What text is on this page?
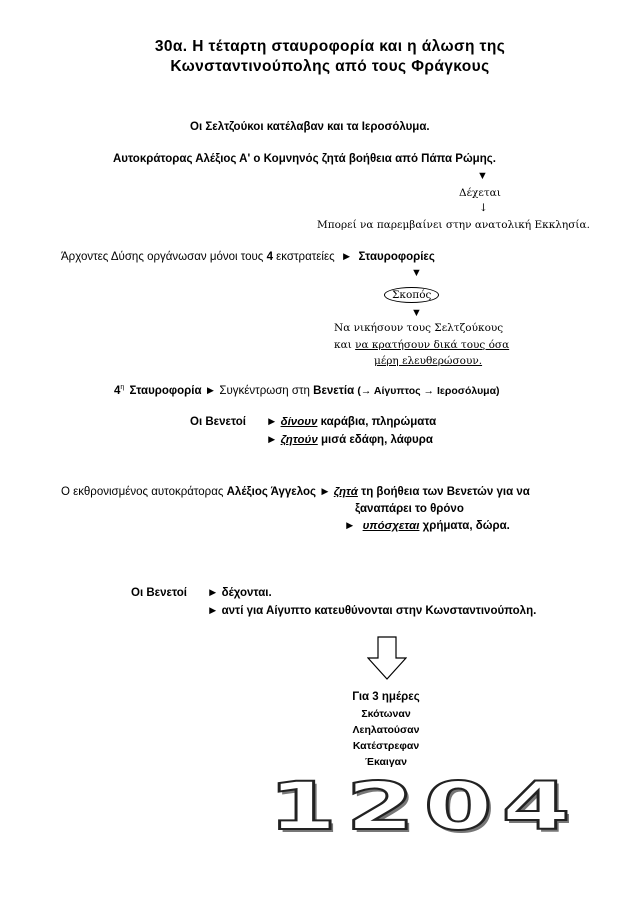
30α. Η τέταρτη σταυροφορία και η άλωση της
Κωνσταντινούπολης από τους Φράγκους
Οι Σελτζούκοι κατέλαβαν και τα Ιεροσόλυμα.
Αυτοκράτορας Αλέξιος Α' ο Κομνηνός ζητά βοήθεια από Πάπα Ρώμης.
▼
Δέχεται
↓
Μπορεί να παρεμβαίνει στην ανατολική Εκκλησία.
Άρχοντες Δύσης οργάνωσαν μόνοι τους 4 εκστρατείες ► Σταυροφορίες
▼
Σκοπός
▼
Να νικήσουν τους Σελτζούκους
και να κρατήσουν δικά τους όσα
μέρη ελευθερώσουν.
$4^\eta$ Σταυροφορία ► Συγκέντρωση στη Βενετία (→ Αίγυπτος → Ιεροσόλυμα)
Οι Βενετοί ► δίνουν καράβια, πληρώματα
► ζητούν μισά εδάφη, λάφυρα
Ο εκθρονισμένος αυτοκράτορας Αλέξιος Άγγελος ► ζητά τη βοήθεια των Βενετών για να
ξαναπάρει το θρόνο
► υπόσχεται χρήματα, δώρα.
Οι Βενετοί ► δέχονται.
► αντί για Αίγυπτο κατευθύνονται στην Κωνσταντινούπολη.
Για 3 ημέρες
Σκότωναν
Λεηλατούσαν
Κατέστρεφαν
Έκαιγαν
1204
